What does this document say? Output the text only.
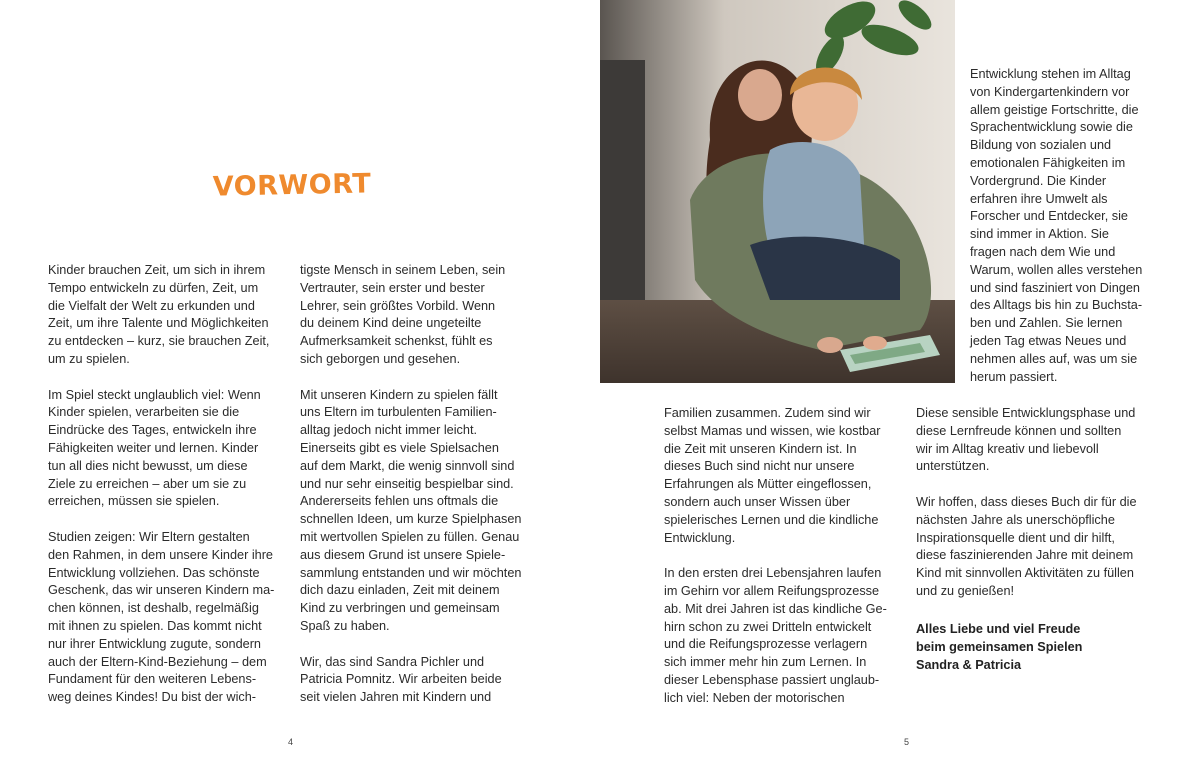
VORWORT

Kinder brauchen Zeit, um sich in ihrem
Tempo entwickeln zu dürfen, Zeit, um
die Vielfalt der Welt zu erkunden und
Zeit, um ihre Talente und Möglichkeiten
zu entdecken – kurz, sie brauchen Zeit,
um zu spielen.

Im Spiel steckt unglaublich viel: Wenn
Kinder spielen, verarbeiten sie die
Eindrücke des Tages, entwickeln ihre
Fähigkeiten weiter und lernen. Kinder
tun all dies nicht bewusst, um diese
Ziele zu erreichen – aber um sie zu
erreichen, müssen sie spielen.

Studien zeigen: Wir Eltern gestalten
den Rahmen, in dem unsere Kinder ihre
Entwicklung vollziehen. Das schönste
Geschenk, das wir unseren Kindern ma-
chen können, ist deshalb, regelmäßig
mit ihnen zu spielen. Das kommt nicht
nur ihrer Entwicklung zugute, sondern
auch der Eltern-Kind-Beziehung – dem
Fundament für den weiteren Lebens-
weg deines Kindes! Du bist der wich-

tigste Mensch in seinem Leben, sein
Vertrauter, sein erster und bester
Lehrer, sein größtes Vorbild. Wenn
du deinem Kind deine ungeteilte
Aufmerksamkeit schenkst, fühlt es
sich geborgen und gesehen.

Mit unseren Kindern zu spielen fällt
uns Eltern im turbulenten Familien-
alltag jedoch nicht immer leicht.
Einerseits gibt es viele Spielsachen
auf dem Markt, die wenig sinnvoll sind
und nur sehr einseitig bespielbar sind.
Andererseits fehlen uns oftmals die
schnellen Ideen, um kurze Spielphasen
mit wertvollen Spielen zu füllen. Genau
aus diesem Grund ist unsere Spiele-
sammlung entstanden und wir möchten
dich dazu einladen, Zeit mit deinem
Kind zu verbringen und gemeinsam
Spaß zu haben.

Wir, das sind Sandra Pichler und
Patricia Pomnitz. Wir arbeiten beide
seit vielen Jahren mit Kindern und

4	5

Entwicklung stehen im Alltag
von Kindergartenkindern vor
allem geistige Fortschritte, die
Sprachentwicklung sowie die
Bildung von sozialen und
emotionalen Fähigkeiten im
Vordergrund. Die Kinder
erfahren ihre Umwelt als
Forscher und Entdecker, sie
sind immer in Aktion. Sie
fragen nach dem Wie und
Warum, wollen alles verstehen
und sind fasziniert von Dingen
des Alltags bis hin zu Buchsta-
ben und Zahlen. Sie lernen
jeden Tag etwas Neues und
nehmen alles auf, was um sie
herum passiert.

Familien zusammen. Zudem sind wir
selbst Mamas und wissen, wie kostbar
die Zeit mit unseren Kindern ist. In
dieses Buch sind nicht nur unsere
Erfahrungen als Mütter eingeflossen,
sondern auch unser Wissen über
spielerisches Lernen und die kindliche
Entwicklung.

In den ersten drei Lebensjahren laufen
im Gehirn vor allem Reifungsprozesse
ab. Mit drei Jahren ist das kindliche Ge-
hirn schon zu zwei Dritteln entwickelt
und die Reifungsprozesse verlagern
sich immer mehr hin zum Lernen. In
dieser Lebensphase passiert unglaub-
lich viel: Neben der motorischen

Diese sensible Entwicklungsphase und
diese Lernfreude können und sollten
wir im Alltag kreativ und liebevoll
unterstützen.

Wir hoffen, dass dieses Buch dir für die
nächsten Jahre als unerschöpfliche
Inspirationsquelle dient und dir hilft,
diese faszinierenden Jahre mit deinem
Kind mit sinnvollen Aktivitäten zu füllen
und zu genießen!

Alles Liebe und viel Freude
beim gemeinsamen Spielen
Sandra & Patricia
